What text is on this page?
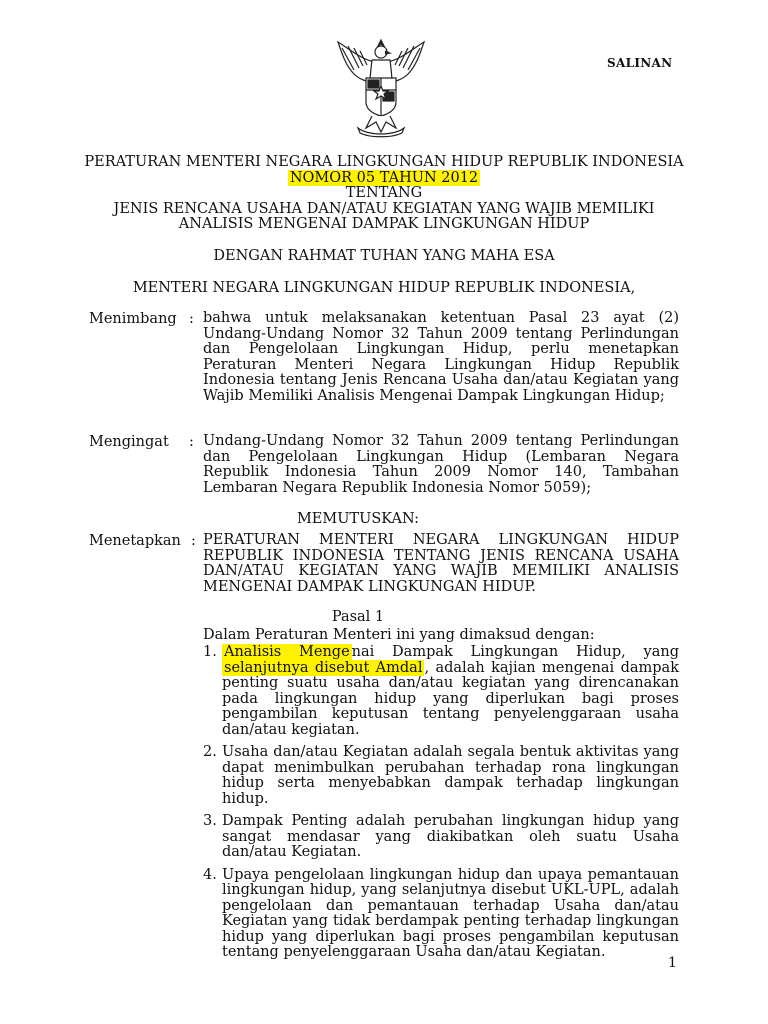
SALINAN
PERATURAN MENTERI NEGARA LINGKUNGAN HIDUP REPUBLIK INDONESIA
NOMOR 05 TAHUN 2012
TENTANG
JENIS RENCANA USAHA DAN/ATAU KEGIATAN YANG WAJIB MEMILIKI
ANALISIS MENGENAI DAMPAK LINGKUNGAN HIDUP
DENGAN RAHMAT TUHAN YANG MAHA ESA
MENTERI NEGARA LINGKUNGAN HIDUP REPUBLIK INDONESIA,
Menimbang : bahwa untuk melaksanakan ketentuan Pasal 23 ayat (2) Undang-Undang Nomor 32 Tahun 2009 tentang Perlindungan dan Pengelolaan Lingkungan Hidup, perlu menetapkan Peraturan Menteri Negara Lingkungan Hidup Republik Indonesia tentang Jenis Rencana Usaha dan/atau Kegiatan yang Wajib Memiliki Analisis Mengenai Dampak Lingkungan Hidup;
Mengingat : Undang-Undang Nomor 32 Tahun 2009 tentang Perlindungan dan Pengelolaan Lingkungan Hidup (Lembaran Negara Republik Indonesia Tahun 2009 Nomor 140, Tambahan Lembaran Negara Republik Indonesia Nomor 5059);
MEMUTUSKAN:
Menetapkan : PERATURAN MENTERI NEGARA LINGKUNGAN HIDUP REPUBLIK INDONESIA TENTANG JENIS RENCANA USAHA DAN/ATAU KEGIATAN YANG WAJIB MEMILIKI ANALISIS MENGENAI DAMPAK LINGKUNGAN HIDUP.
Pasal 1
Dalam Peraturan Menteri ini yang dimaksud dengan:
1. Analisis Menge nai Dampak Lingkungan Hidup, yang selanjutnya disebut Amdal , adalah kajian mengenai dampak penting suatu usaha dan/atau kegiatan yang direncanakan pada lingkungan hidup yang diperlukan bagi proses pengambilan keputusan tentang penyelenggaraan usaha dan/atau kegiatan.
2. Usaha dan/atau Kegiatan adalah segala bentuk aktivitas yang dapat menimbulkan perubahan terhadap rona lingkungan hidup serta menyebabkan dampak terhadap lingkungan hidup.
3. Dampak Penting adalah perubahan lingkungan hidup yang sangat mendasar yang diakibatkan oleh suatu Usaha dan/atau Kegiatan.
4. Upaya pengelolaan lingkungan hidup dan upaya pemantauan lingkungan hidup, yang selanjutnya disebut UKL-UPL, adalah pengelolaan dan pemantauan terhadap Usaha dan/atau Kegiatan yang tidak berdampak penting terhadap lingkungan hidup yang diperlukan bagi proses pengambilan keputusan tentang penyelenggaraan Usaha dan/atau Kegiatan.
1
